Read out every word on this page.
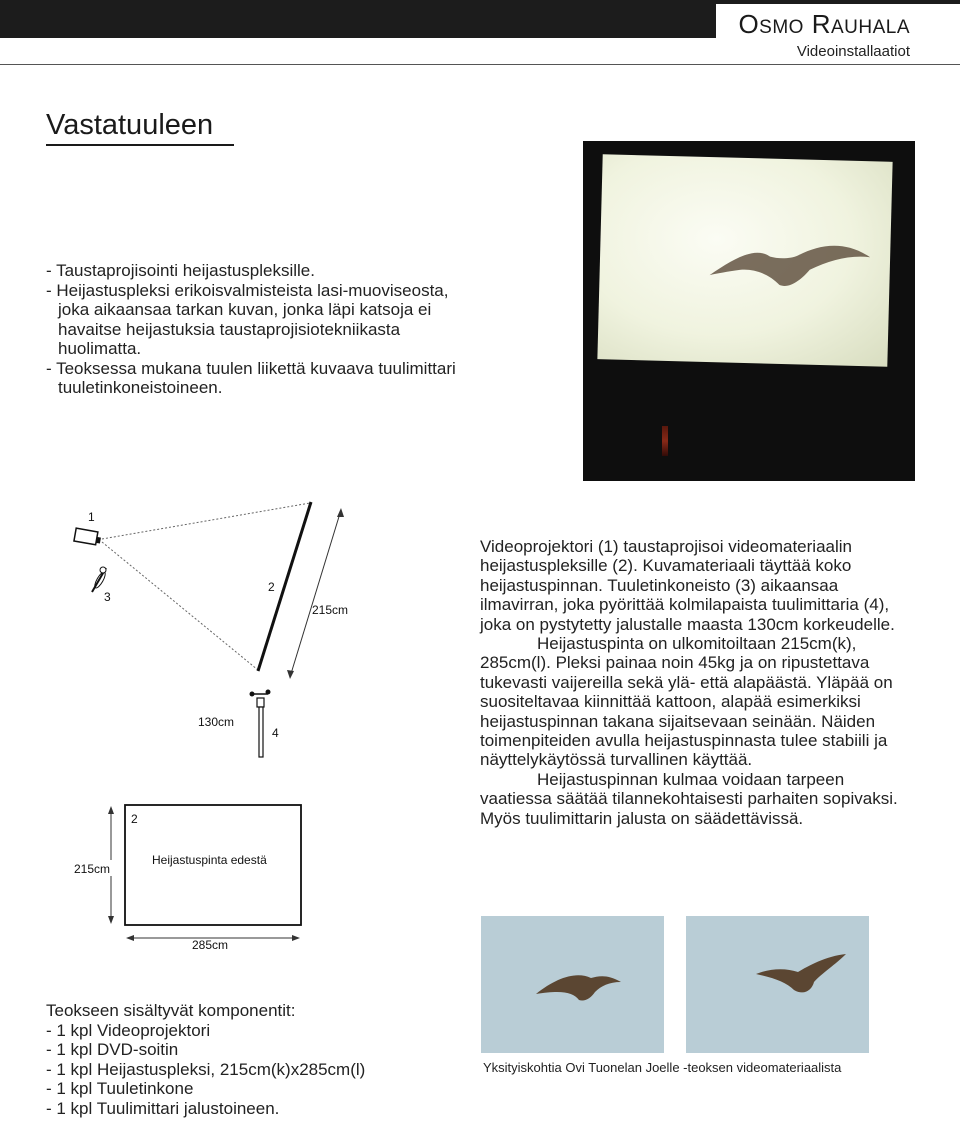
OSMO RAUHALA
Videoinstallaatiot
Vastatuuleen

- Taustaprojisointi heijastuspleksille.

- Heijastuspleksi erikoisvalmisteista lasi-muoviseosta,
joka aikaansaa tarkan kuvan, jonka läpi katsoja ei
havaitse heijastuksia taustaprojisiotekniikasta
huolimatta.

- Teoksessa mukana tuulen liikettä kuvaava tuulimittari
tuuletinkoneistoineen.

1
3
2
215cm
130cm
4
2
Heijastuspinta edestä
215cm
285cm

Videoprojektori (1) taustaprojisoi videomateriaalin heijastuspleksille (2). Kuvamateriaali täyttää koko heijastuspinnan. Tuuletinkoneisto (3) aikaansaa ilmavirran, joka pyörittää kolmilapaista tuulimittaria (4), joka on pystytetty jalustalle maasta 130cm korkeudelle.

Heijastuspinta on ulkomitoiltaan 215cm(k), 285cm(l). Pleksi painaa noin 45kg ja on ripustettava tukevasti vaijereilla sekä ylä- että alapäästä. Yläpää on suositeltavaa kiinnittää kattoon, alapää esimerkiksi heijastuspinnan takana sijaitsevaan seinään. Näiden toimenpiteiden avulla heijastuspinnasta tulee stabiili ja näyttelykäytössä turvallinen käyttää.

Heijastuspinnan kulmaa voidaan tarpeen vaatiessa säätää tilannekohtaisesti parhaiten sopivaksi. Myös tuulimittarin jalusta on säädettävissä.

Yksityiskohtia Ovi Tuonelan Joelle -teoksen videomateriaalista

Teokseen sisältyvät komponentit:

- 1 kpl Videoprojektori
- 1 kpl DVD-soitin
- 1 kpl Heijastuspleksi, 215cm(k)x285cm(l)
- 1 kpl Tuuletinkone
- 1 kpl Tuulimittari jalustoineen.
